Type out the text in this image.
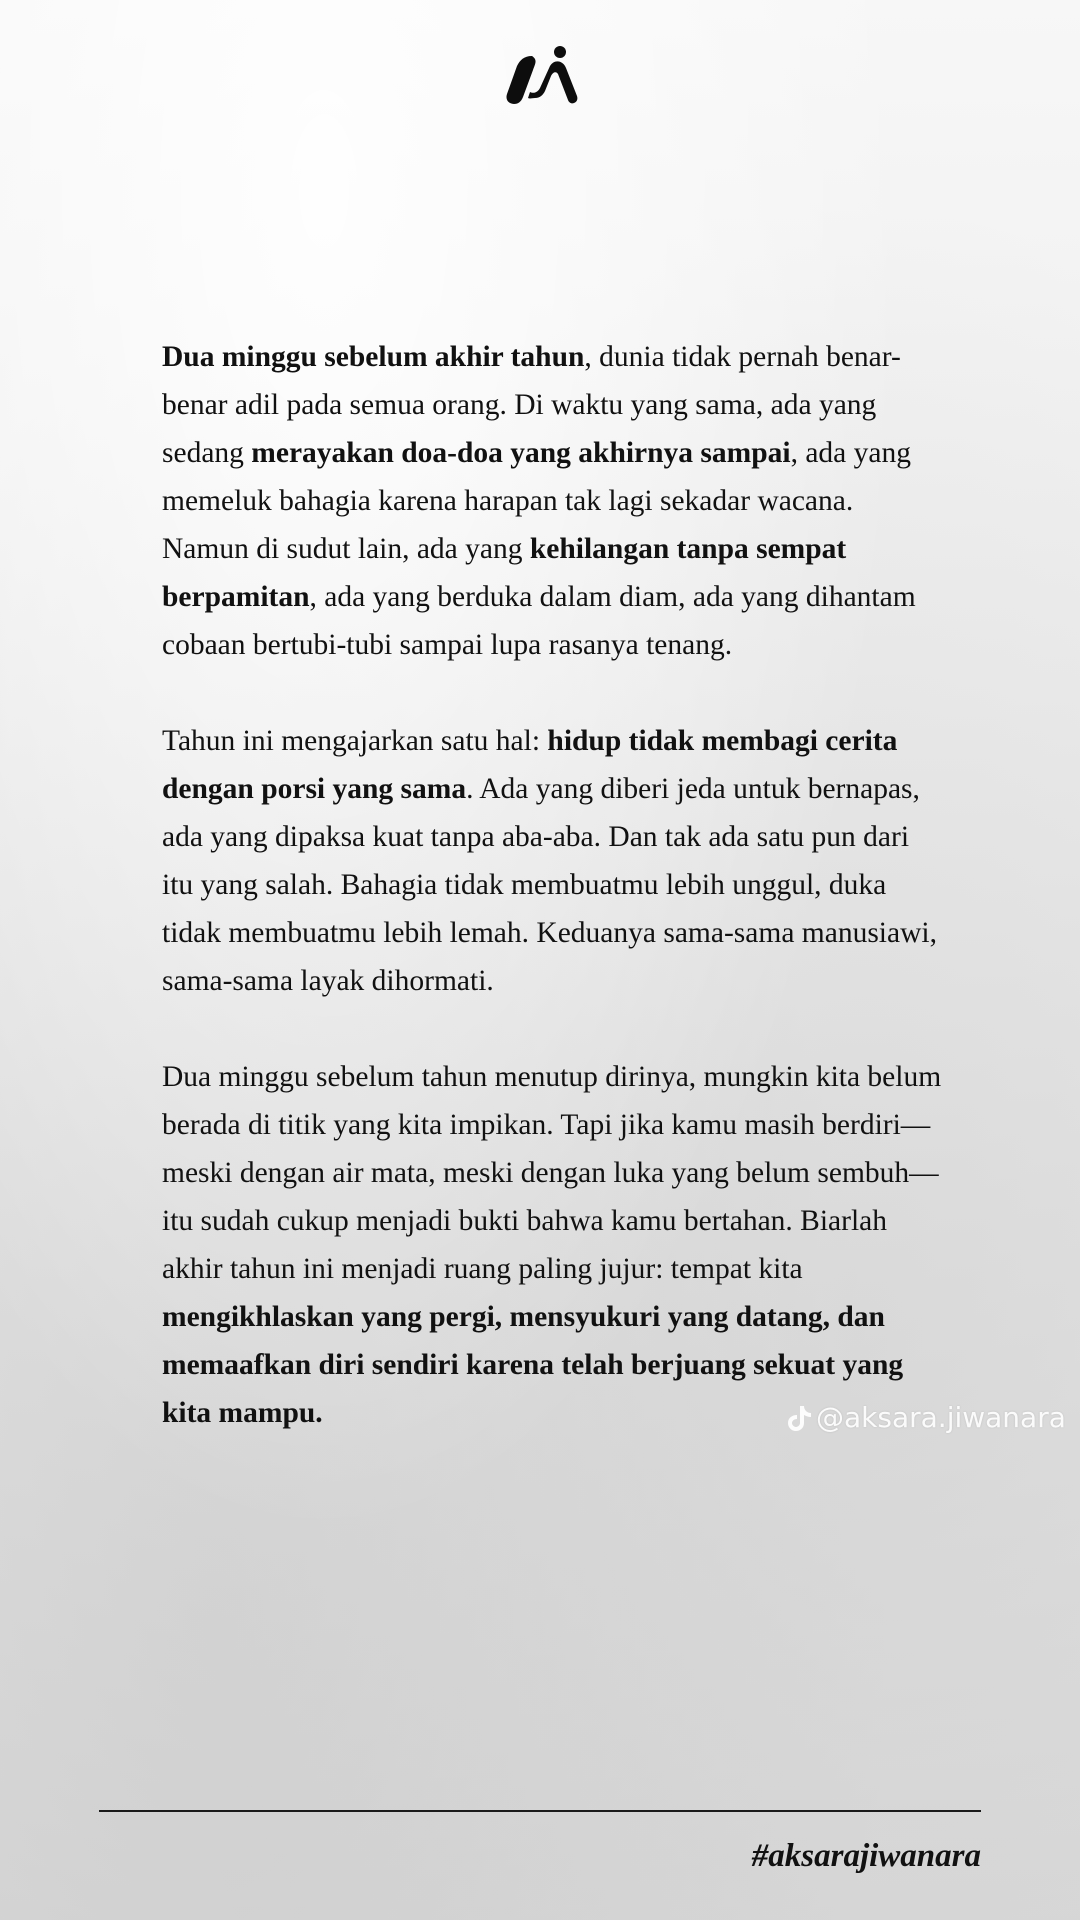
Dua minggu sebelum akhir tahun, dunia tidak pernah benar-benar adil pada semua orang. Di waktu yang sama, ada yang sedang merayakan doa-doa yang akhirnya sampai, ada yang memeluk bahagia karena harapan tak lagi sekadar wacana. Namun di sudut lain, ada yang kehilangan tanpa sempat berpamitan, ada yang berduka dalam diam, ada yang dihantam cobaan bertubi-tubi sampai lupa rasanya tenang.

Tahun ini mengajarkan satu hal: hidup tidak membagi cerita dengan porsi yang sama. Ada yang diberi jeda untuk bernapas, ada yang dipaksa kuat tanpa aba-aba. Dan tak ada satu pun dari itu yang salah. Bahagia tidak membuatmu lebih unggul, duka tidak membuatmu lebih lemah. Keduanya sama-sama manusiawi, sama-sama layak dihormati.

Dua minggu sebelum tahun menutup dirinya, mungkin kita belum berada di titik yang kita impikan. Tapi jika kamu masih berdiri—meski dengan air mata, meski dengan luka yang belum sembuh—itu sudah cukup menjadi bukti bahwa kamu bertahan. Biarlah akhir tahun ini menjadi ruang paling jujur: tempat kita mengikhlaskan yang pergi, mensyukuri yang datang, dan memaafkan diri sendiri karena telah berjuang sekuat yang kita mampu.	@aksara.jiwanara
#aksarajiwanara
